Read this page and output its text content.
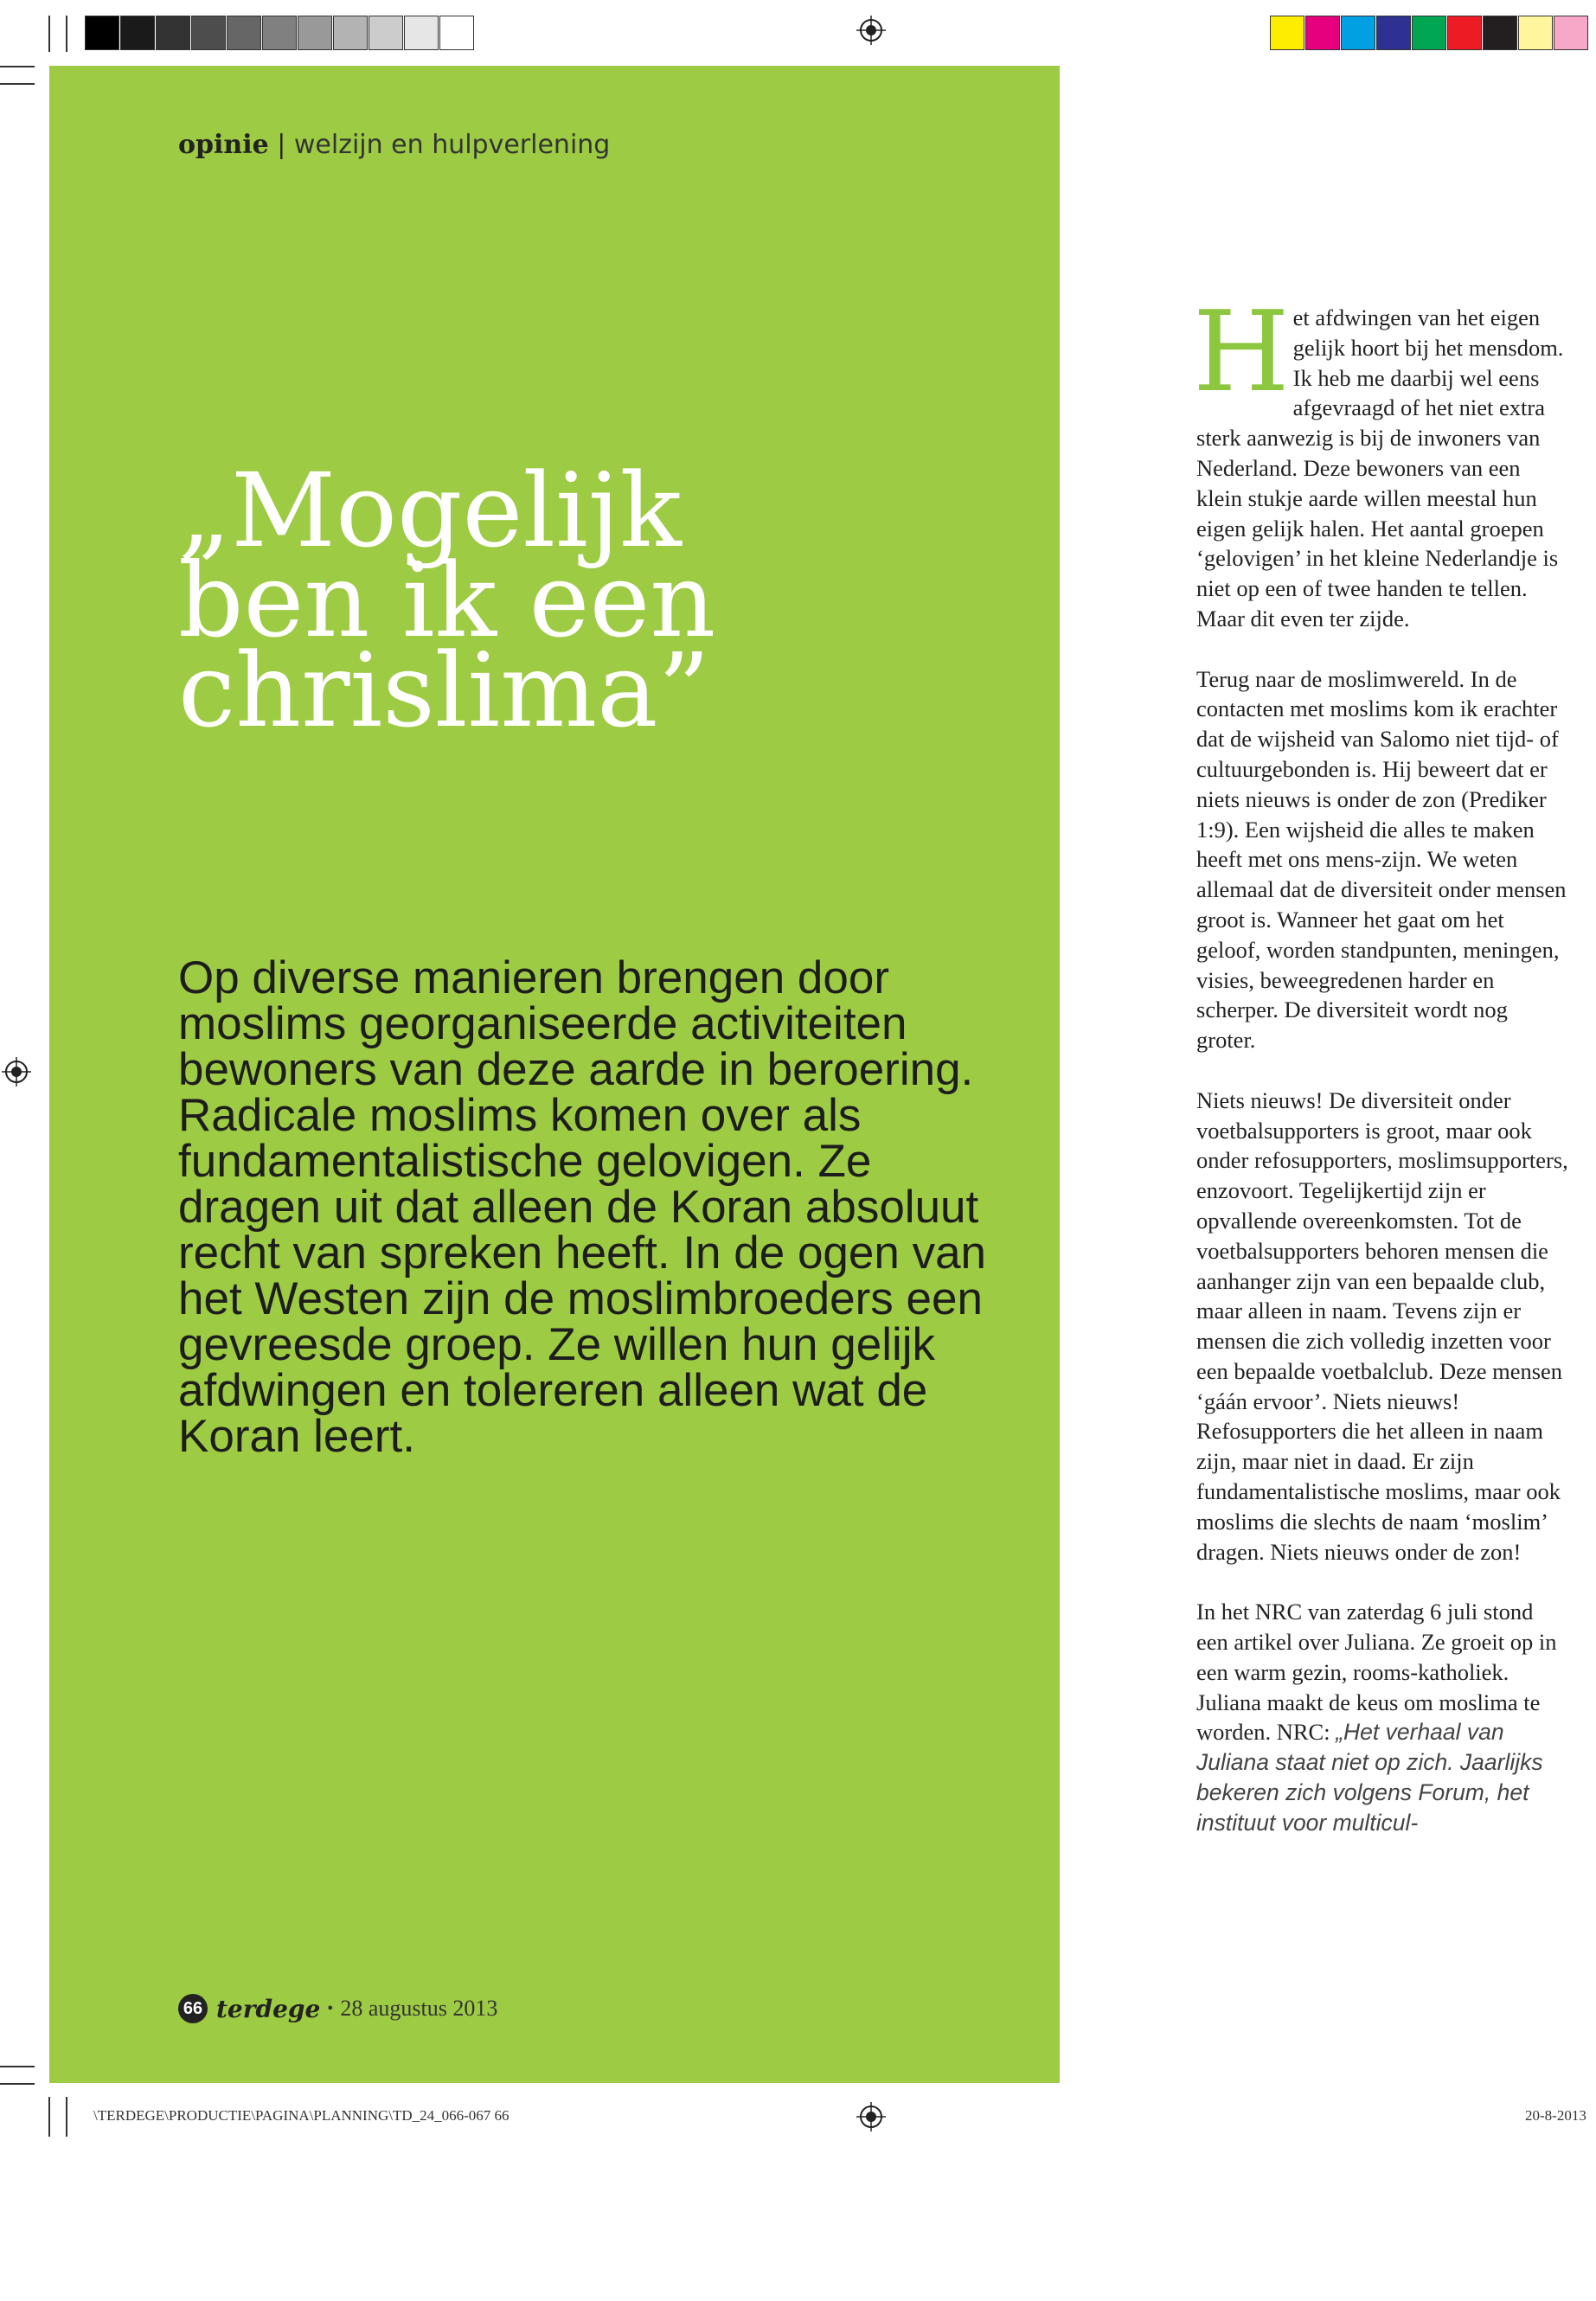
opinie | welzijn en hulpverlening
„Mogelijk
ben ik een
chrislima”

Op diverse manieren brengen door moslims georganiseerde activiteiten bewoners van deze aarde in beroering. Radicale moslims komen over als fundamentalistische gelovigen. Ze dragen uit dat alleen de Koran absoluut recht van spreken heeft. In de ogen van het Westen zijn de moslimbroeders een gevreesde groep. Ze willen hun gelijk afdwingen en tolereren alleen wat de Koran leert.

66 terdege • 28 augustus 2013

Het afdwingen van het eigen gelijk hoort bij het mensdom. Ik heb me daarbij wel eens afgevraagd of het niet extra sterk aanwezig is bij de inwoners van Nederland. Deze bewoners van een klein stukje aarde willen meestal hun eigen gelijk halen. Het aantal groepen ‘gelovigen’ in het kleine Nederlandje is niet op een of twee handen te tellen. Maar dit even ter zijde.

Terug naar de moslimwereld. In de contacten met moslims kom ik erachter dat de wijsheid van Salomo niet tijd- of cultuurgebonden is. Hij beweert dat er niets nieuws is onder de zon (Prediker 1:9). Een wijsheid die alles te maken heeft met ons mens-zijn. We weten allemaal dat de diversiteit onder mensen groot is. Wanneer het gaat om het geloof, worden standpunten, meningen, visies, beweegredenen harder en scherper. De diversiteit wordt nog groter.

Niets nieuws! De diversiteit onder voetbalsupporters is groot, maar ook onder refosupporters, moslimsupporters, enzovoort. Tegelijkertijd zijn er opvallende overeenkomsten. Tot de voetbalsupporters behoren mensen die aanhanger zijn van een bepaalde club, maar alleen in naam. Tevens zijn er mensen die zich volledig inzetten voor een bepaalde voetbalclub. Deze mensen ‘gáán ervoor’. Niets nieuws! Refosupporters die het alleen in naam zijn, maar niet in daad. Er zijn fundamentalistische moslims, maar ook moslims die slechts de naam ‘moslim’ dragen. Niets nieuws onder de zon!

In het NRC van zaterdag 6 juli stond een artikel over Juliana. Ze groeit op in een warm gezin, rooms-katholiek. Juliana maakt de keus om moslima te worden. NRC: „Het verhaal van Juliana staat niet op zich. Jaarlijks bekeren zich volgens Forum, het instituut voor multicul-

\TERDEGE\PRODUCTIE\PAGINA\PLANNING\TD_24_066-067 66	20-8-2013
